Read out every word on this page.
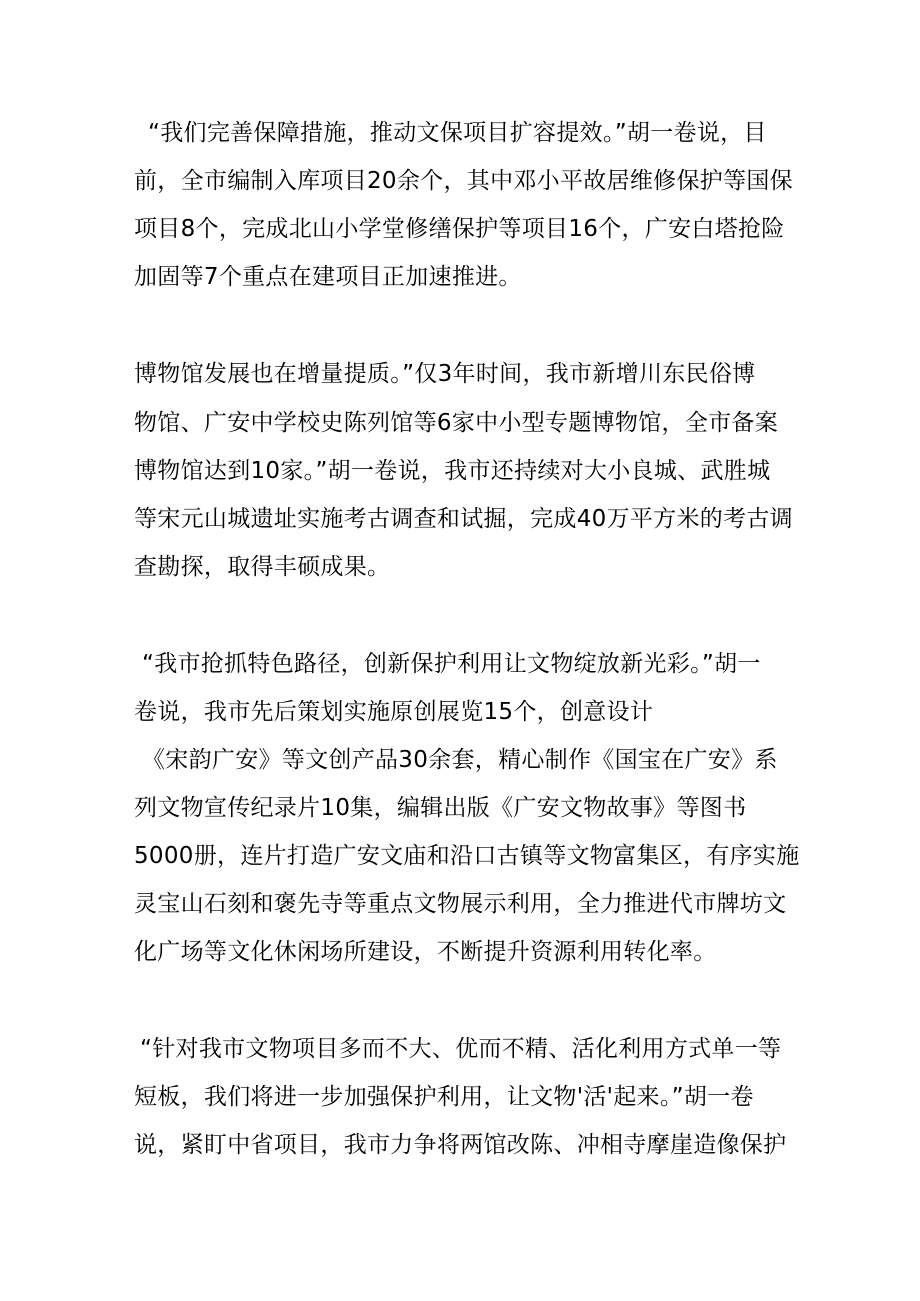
“我们完善保障措施，推动文保项目扩容提效。”胡一卷说，目
前，全市编制入库项目20余个，其中邓小平故居维修保护等国保
项目8个，完成北山小学堂修缮保护等项目16个，广安白塔抢险
加固等7个重点在建项目正加速推进。
博物馆发展也在增量提质。”仅3年时间，我市新增川东民俗博
物馆、广安中学校史陈列馆等6家中小型专题博物馆，全市备案
博物馆达到10家。”胡一卷说，我市还持续对大小良城、武胜城
等宋元山城遗址实施考古调查和试掘，完成40万平方米的考古调
查勘探，取得丰硕成果。
“我市抢抓特色路径，创新保护利用让文物绽放新光彩。”胡一
卷说，我市先后策划实施原创展览15个，创意设计
《宋韵广安》等文创产品30余套，精心制作《国宝在广安》系
列文物宣传纪录片10集，编辑出版《广安文物故事》等图书
5000册，连片打造广安文庙和沿口古镇等文物富集区，有序实施
灵宝山石刻和褒先寺等重点文物展示利用，全力推进代市牌坊文
化广场等文化休闲场所建设，不断提升资源利用转化率。
“针对我市文物项目多而不大、优而不精、活化利用方式单一等
短板，我们将进一步加强保护利用，让文物'活'起来。”胡一卷
说，紧盯中省项目，我市力争将两馆改陈、冲相寺摩崖造像保护
